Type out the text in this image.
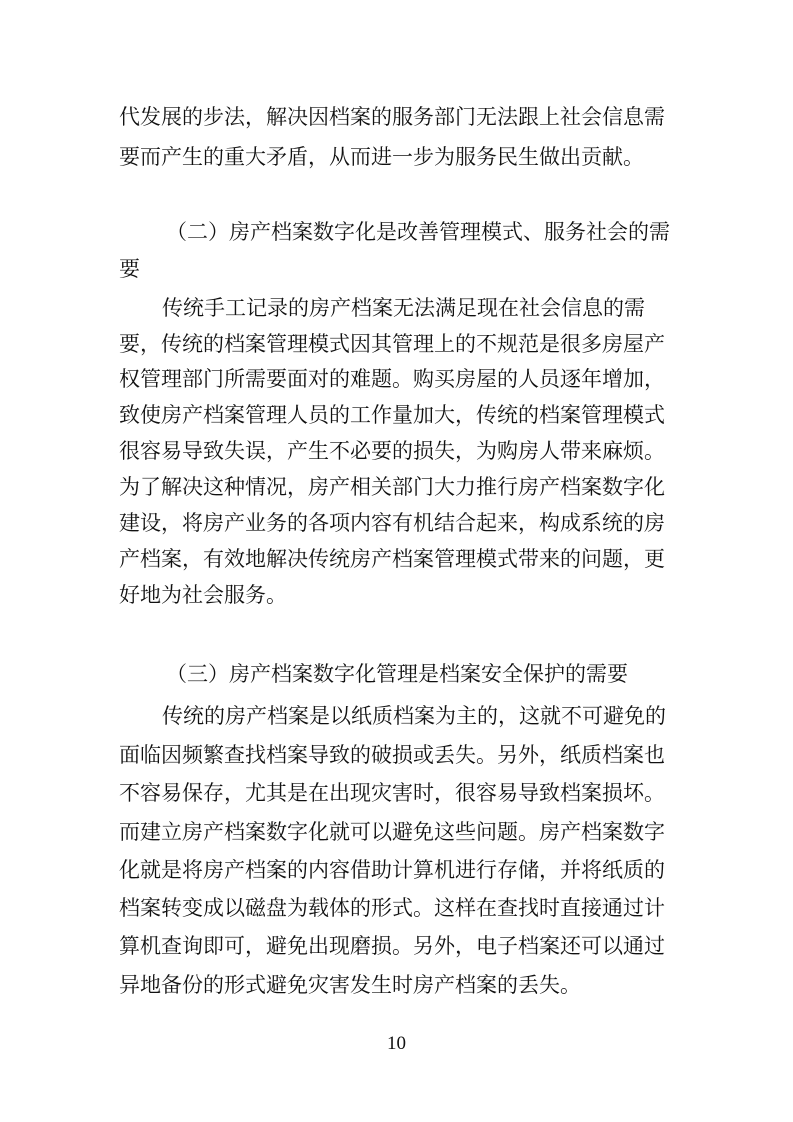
代发展的步法，解决因档案的服务部门无法跟上社会信息需
要而产生的重大矛盾，从而进一步为服务民生做出贡献。
（二）房产档案数字化是改善管理模式、服务社会的需
要
传统手工记录的房产档案无法满足现在社会信息的需
要，传统的档案管理模式因其管理上的不规范是很多房屋产
权管理部门所需要面对的难题。购买房屋的人员逐年增加，
致使房产档案管理人员的工作量加大，传统的档案管理模式
很容易导致失误，产生不必要的损失，为购房人带来麻烦。
为了解决这种情况，房产相关部门大力推行房产档案数字化
建设，将房产业务的各项内容有机结合起来，构成系统的房
产档案，有效地解决传统房产档案管理模式带来的问题，更
好地为社会服务。
（三）房产档案数字化管理是档案安全保护的需要
传统的房产档案是以纸质档案为主的，这就不可避免的
面临因频繁查找档案导致的破损或丢失。另外，纸质档案也
不容易保存，尤其是在出现灾害时，很容易导致档案损坏。
而建立房产档案数字化就可以避免这些问题。房产档案数字
化就是将房产档案的内容借助计算机进行存储，并将纸质的
档案转变成以磁盘为载体的形式。这样在查找时直接通过计
算机查询即可，避免出现磨损。另外，电子档案还可以通过
异地备份的形式避免灾害发生时房产档案的丢失。
10
